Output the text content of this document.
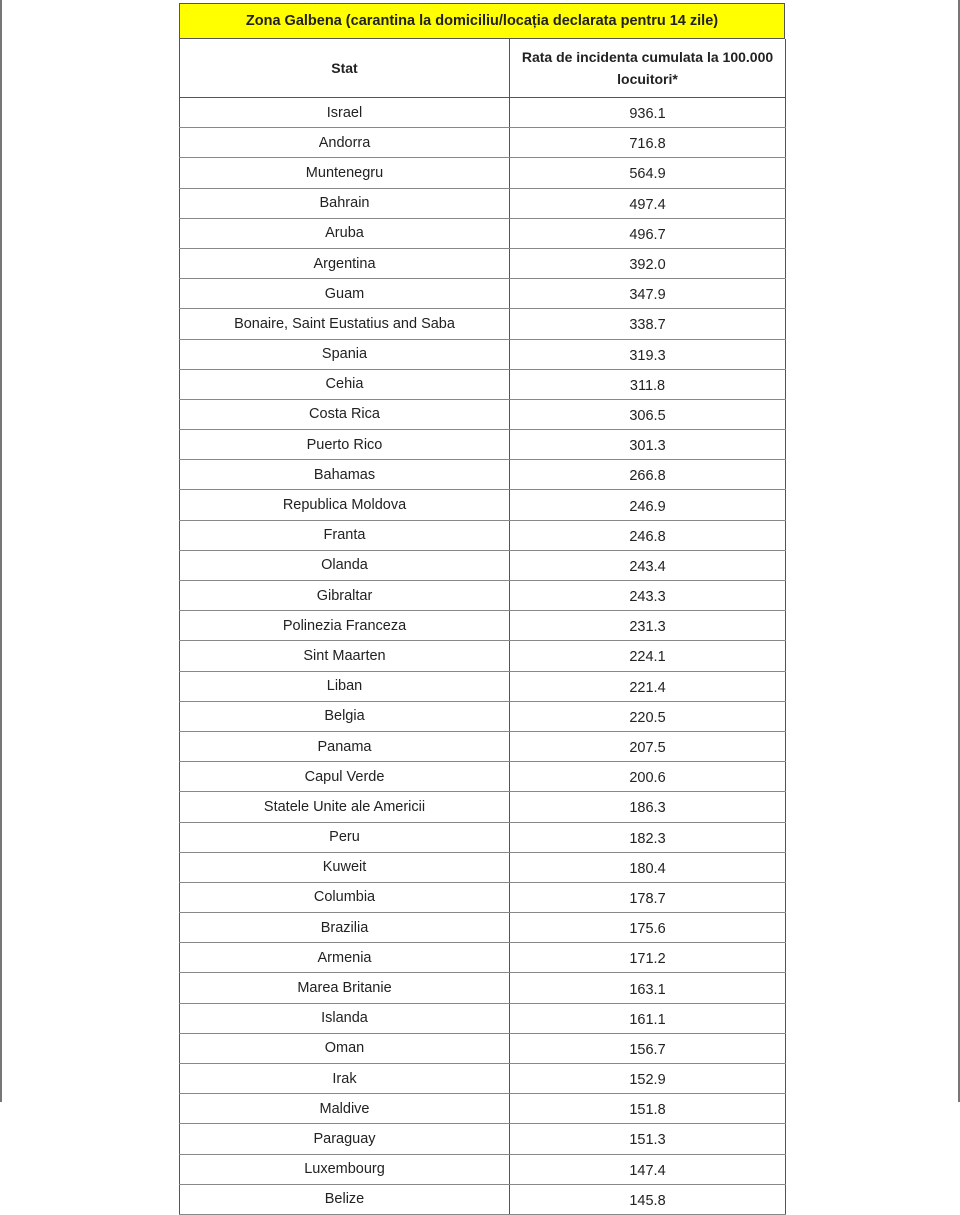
Zona Galbena (carantina la domiciliu/locația declarata pentru 14 zile)
Stat	Rata de incidenta cumulata la 100.000 locuitori*
Israel	936.1
Andorra	716.8
Muntenegru	564.9
Bahrain	497.4
Aruba	496.7
Argentina	392.0
Guam	347.9
Bonaire, Saint Eustatius and Saba	338.7
Spania	319.3
Cehia	311.8
Costa Rica	306.5
Puerto Rico	301.3
Bahamas	266.8
Republica Moldova	246.9
Franta	246.8
Olanda	243.4
Gibraltar	243.3
Polinezia Franceza	231.3
Sint Maarten	224.1
Liban	221.4
Belgia	220.5
Panama	207.5
Capul Verde	200.6
Statele Unite ale Americii	186.3
Peru	182.3
Kuweit	180.4
Columbia	178.7
Brazilia	175.6
Armenia	171.2
Marea Britanie	163.1
Islanda	161.1
Oman	156.7
Irak	152.9
Maldive	151.8
Paraguay	151.3
Luxembourg	147.4
Belize	145.8
